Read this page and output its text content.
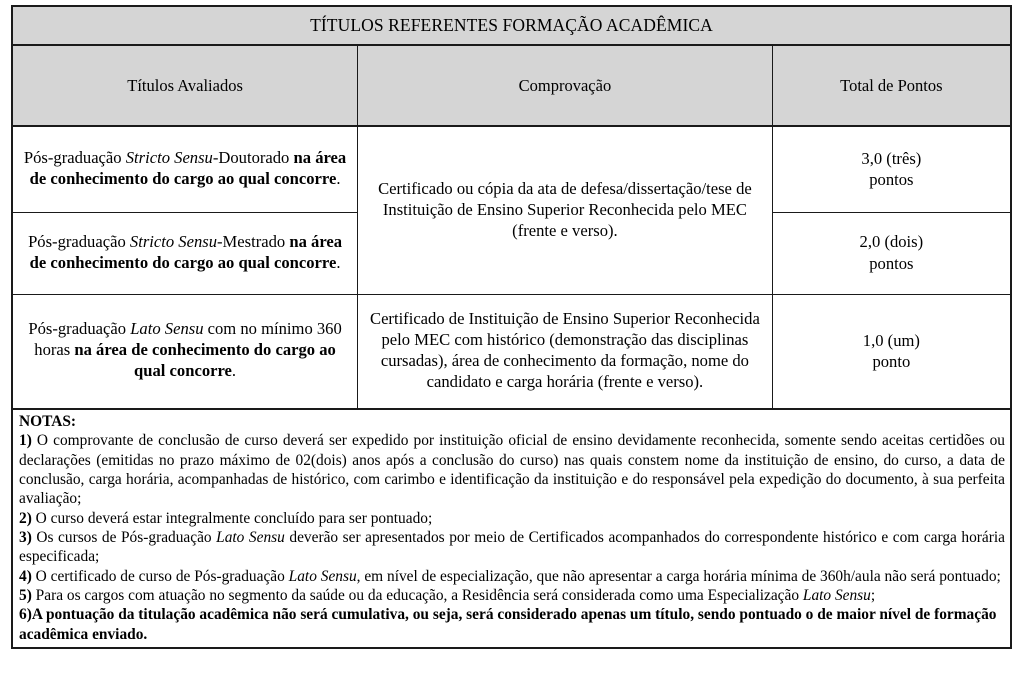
TÍTULOS REFERENTES FORMAÇÃO ACADÊMICA		
Títulos Avaliados	Comprovação	Total de Pontos
Pós-graduação Stricto Sensu-Doutorado na área de conhecimento do cargo ao qual concorre.	Certificado ou cópia da ata de defesa/dissertação/tese de Instituição de Ensino Superior Reconhecida pelo MEC (frente e verso).	3,0 (três)
pontos
Pós-graduação Stricto Sensu-Mestrado na área de conhecimento do cargo ao qual concorre.		2,0 (dois)
pontos
Pós-graduação Lato Sensu com no mínimo 360 horas na área de conhecimento do cargo ao qual concorre.	Certificado de Instituição de Ensino Superior Reconhecida pelo MEC com histórico (demonstração das disciplinas cursadas), área de conhecimento da formação, nome do candidato e carga horária (frente e verso).	1,0 (um)
ponto

NOTAS:

1) O comprovante de conclusão de curso deverá ser expedido por instituição oficial de ensino devidamente reconhecida, somente sendo aceitas certidões ou declarações (emitidas no prazo máximo de 02(dois) anos após a conclusão do curso) nas quais constem nome da instituição de ensino, do curso, a data de conclusão, carga horária, acompanhadas de histórico, com carimbo e identificação da instituição e do responsável pela expedição do documento, à sua perfeita avaliação;

2) O curso deverá estar integralmente concluído para ser pontuado;

3) Os cursos de Pós-graduação Lato Sensu deverão ser apresentados por meio de Certificados acompanhados do correspondente histórico e com carga horária especificada;

4) O certificado de curso de Pós-graduação Lato Sensu, em nível de especialização, que não apresentar a carga horária mínima de 360h/aula não será pontuado;

5) Para os cargos com atuação no segmento da saúde ou da educação, a Residência será considerada como uma Especialização Lato Sensu;

6)A pontuação da titulação acadêmica não será cumulativa, ou seja, será considerado apenas um título, sendo pontuado o de maior nível de formação acadêmica enviado.
